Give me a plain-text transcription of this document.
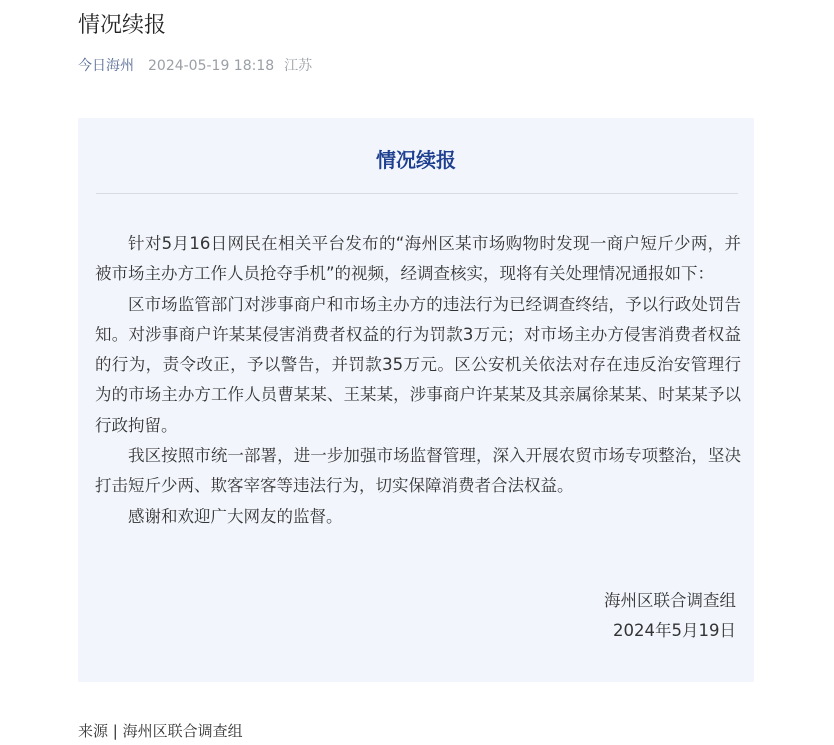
情况续报
今日海州 2024-05-19 18:18 江苏
情况续报

针对5月16日网民在相关平台发布的“海州区某市场购物时发现一商户短斤少两，并被市场主办方工作人员抢夺手机”的视频，经调查核实，现将有关处理情况通报如下：

区市场监管部门对涉事商户和市场主办方的违法行为已经调查终结，予以行政处罚告知。对涉事商户许某某侵害消费者权益的行为罚款3万元；对市场主办方侵害消费者权益的行为，责令改正，予以警告，并罚款35万元。区公安机关依法对存在违反治安管理行为的市场主办方工作人员曹某某、王某某，涉事商户许某某及其亲属徐某某、时某某予以行政拘留。

我区按照市统一部署，进一步加强市场监督管理，深入开展农贸市场专项整治，坚决打击短斤少两、欺客宰客等违法行为，切实保障消费者合法权益。

感谢和欢迎广大网友的监督。

海州区联合调查组
2024年5月19日
来源 | 海州区联合调查组
